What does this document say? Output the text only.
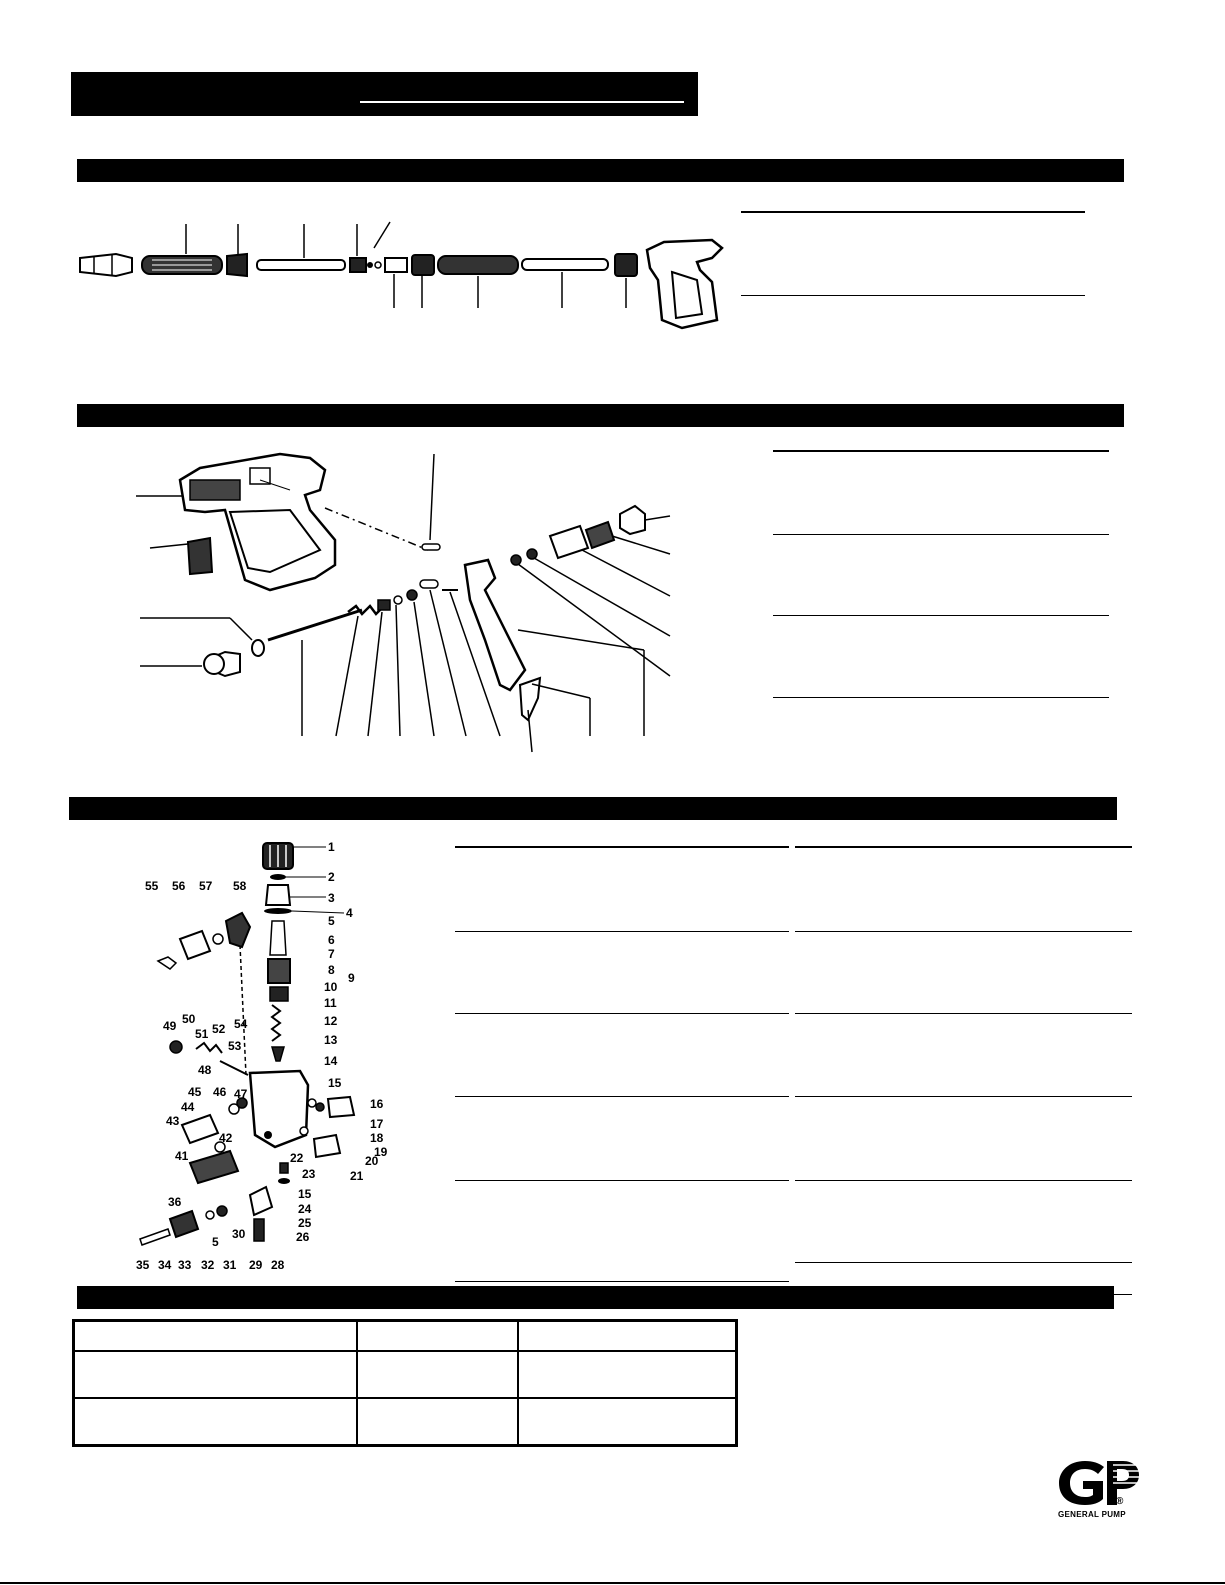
1
2
3
4
5
6
7
8
9
10
11
12
13
14
15
16
17
18
19
20
21
22
23
15
24
25
26
55 56 57 58
49 50
51 52
53
54
48
47
45 46
44
43
42
41
36
5
30
35 34 33 32 31 29 28
®
GENERAL PUMP
